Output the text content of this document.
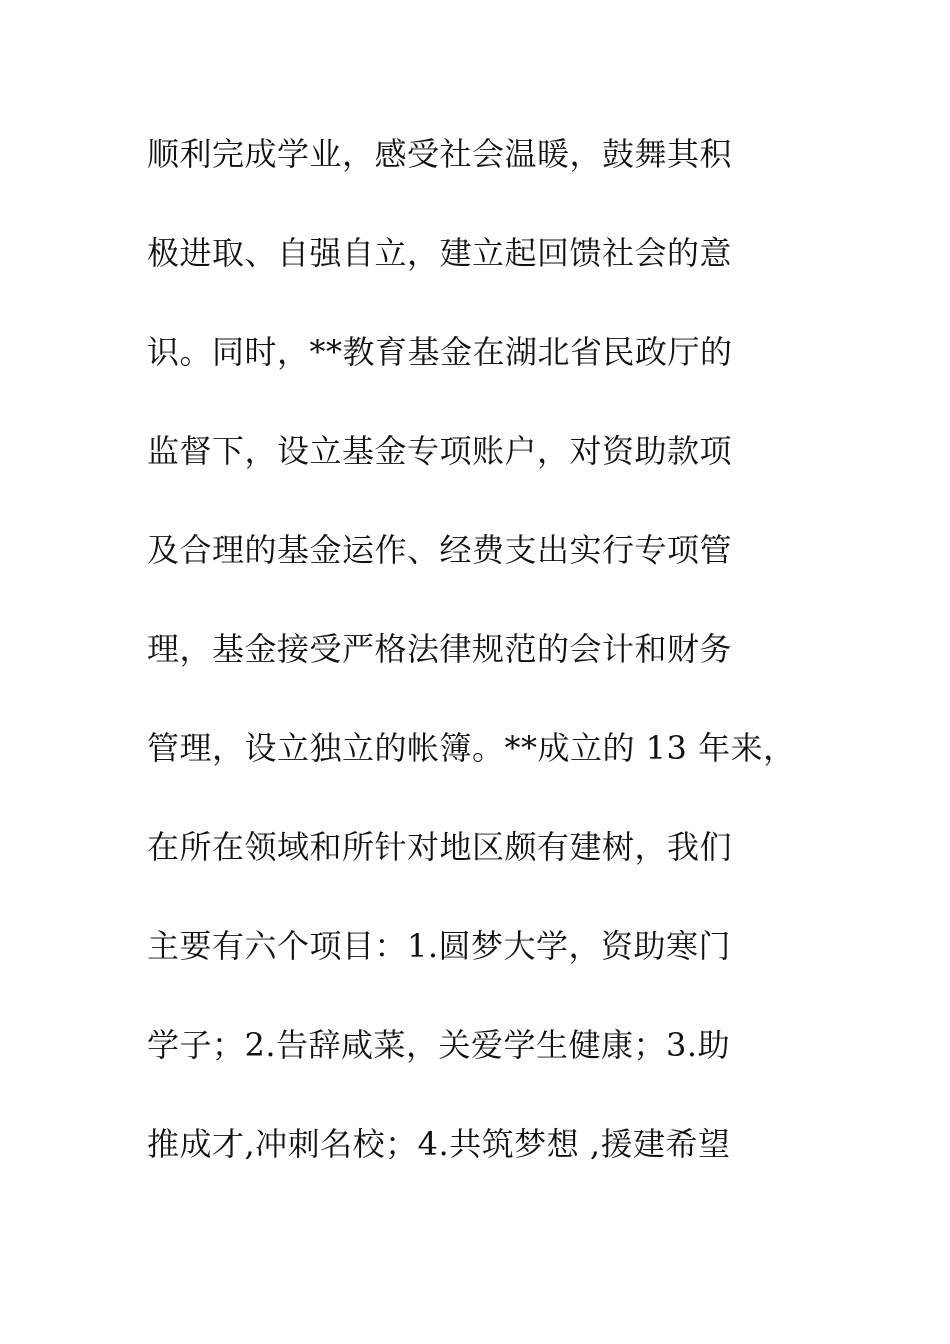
顺利完成学业，感受社会温暖，鼓舞其积
极进取、自强自立，建立起回馈社会的意
识。同时，**教育基金在湖北省民政厅的
监督下，设立基金专项账户，对资助款项
及合理的基金运作、经费支出实行专项管
理，基金接受严格法律规范的会计和财务
管理，设立独立的帐簿。**成立的 13 年来，
在所在领域和所针对地区颇有建树，我们
主要有六个项目：1.圆梦大学，资助寒门
学子；2.告辞咸菜，关爱学生健康；3.助
推成才,冲刺名校；4.共筑梦想 ,援建希望
